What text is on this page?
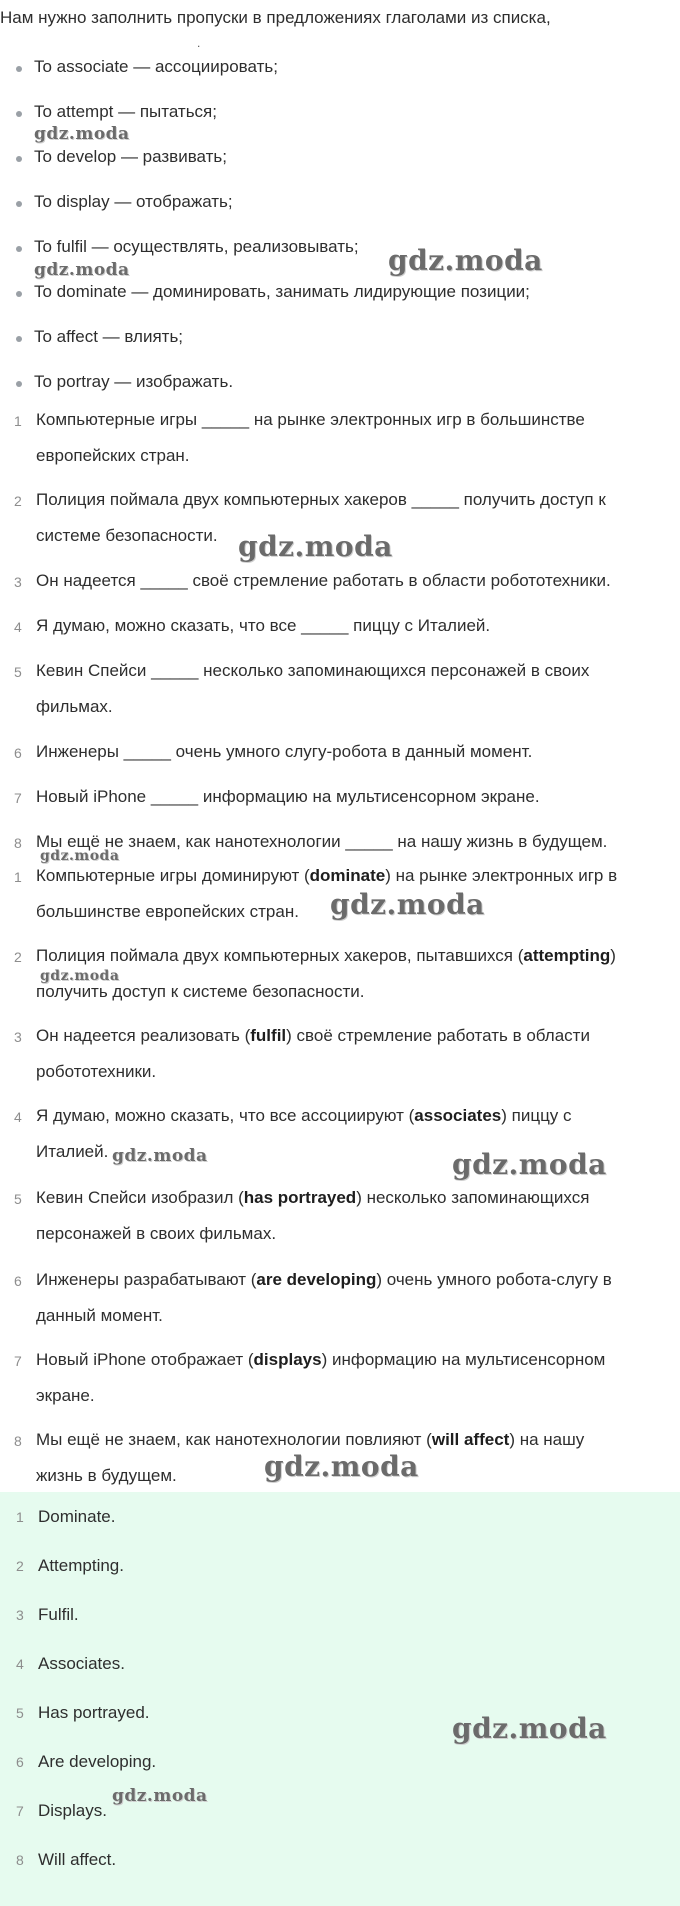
Нам нужно заполнить пропуски в предложениях глаголами из списка,
.
To associate — ассоциировать;
To attempt — пытаться;
To develop — развивать;
To display — отображать;
To fulfil — осуществлять, реализовывать;
To dominate — доминировать, занимать лидирующие позиции;
To affect — влиять;
To portray — изображать.
1 Компьютерные игры _____ на рынке электронных игр в большинстве
европейских стран.
2 Полиция поймала двух компьютерных хакеров _____ получить доступ к
системе безопасности.
3 Он надеется _____ своё стремление работать в области робототехники.
4 Я думаю, можно сказать, что все _____ пиццу с Италией.
5 Кевин Спейси _____ несколько запоминающихся персонажей в своих
фильмах.
6 Инженеры _____ очень умного слугу-робота в данный момент.
7 Новый iPhone _____ информацию на мультисенсорном экране.
8 Мы ещё не знаем, как нанотехнологии _____ на нашу жизнь в будущем.
1 Компьютерные игры доминируют (dominate) на рынке электронных игр в
большинстве европейских стран.
2 Полиция поймала двух компьютерных хакеров, пытавшихся (attempting)
получить доступ к системе безопасности.
3 Он надеется реализовать (fulfil) своё стремление работать в области
робототехники.
4 Я думаю, можно сказать, что все ассоциируют (associates) пиццу с
Италией.
5 Кевин Спейси изобразил (has portrayed) несколько запоминающихся
персонажей в своих фильмах.
6 Инженеры разрабатывают (are developing) очень умного робота-слугу в
данный момент.
7 Новый iPhone отображает (displays) информацию на мультисенсорном
экране.
8 Мы ещё не знаем, как нанотехнологии повлияют (will affect) на нашу
жизнь в будущем.
1 Dominate.
2 Attempting.
3 Fulfil.
4 Associates.
5 Has portrayed.
6 Are developing.
7 Displays.
8 Will affect.
gdz.moda
gdz.moda	gdz.moda
gdz.moda
gdz.moda
gdz.moda
gdz.moda
gdz.moda	gdz.moda
gdz.moda
gdz.moda
gdz.moda
